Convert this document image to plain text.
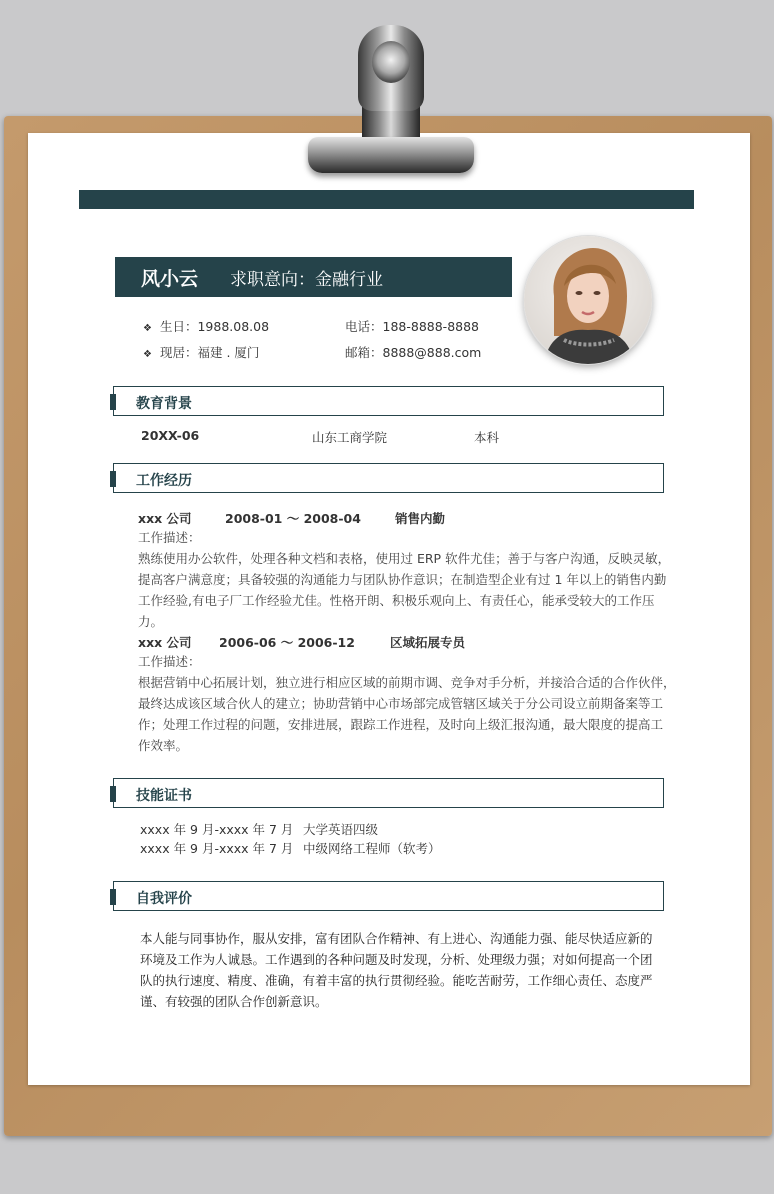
风小云 求职意向：金融行业
❖ 生日：1988.08.08	电话：188-8888-8888
❖ 现居：福建 . 厦门	邮箱：8888@888.com
教育背景
20XX-06	山东工商学院	本科
工作经历
xxx 公司	2008-01 ～ 2008-04	销售内勤
工作描述：
熟练使用办公软件，处理各种文档和表格，使用过 ERP 软件尤佳；善于与客户沟通，反映灵敏，
提高客户满意度；具备较强的沟通能力与团队协作意识；在制造型企业有过 1 年以上的销售内勤
工作经验,有电子厂工作经验尤佳。性格开朗、积极乐观向上、有责任心，能承受较大的工作压
力。
xxx 公司 2006-06 ～ 2006-12	区域拓展专员
工作描述：
根据营销中心拓展计划，独立进行相应区域的前期市调、竞争对手分析，并接洽合适的合作伙伴，
最终达成该区域合伙人的建立；协助营销中心市场部完成管辖区域关于分公司设立前期备案等工
作；处理工作过程的问题，安排进展，跟踪工作进程，及时向上级汇报沟通，最大限度的提高工
作效率。
技能证书
xxxx 年 9 月-xxxx 年 7 月 大学英语四级
xxxx 年 9 月-xxxx 年 7 月 中级网络工程师（软考）
自我评价
本人能与同事协作，服从安排，富有团队合作精神、有上进心、沟通能力强、能尽快适应新的
环境及工作为人诚恳。工作遇到的各种问题及时发现，分析、处理级力强；对如何提高一个团
队的执行速度、精度、准确，有着丰富的执行贯彻经验。能吃苦耐劳，工作细心责任、态度严
谨、有较强的团队合作创新意识。
